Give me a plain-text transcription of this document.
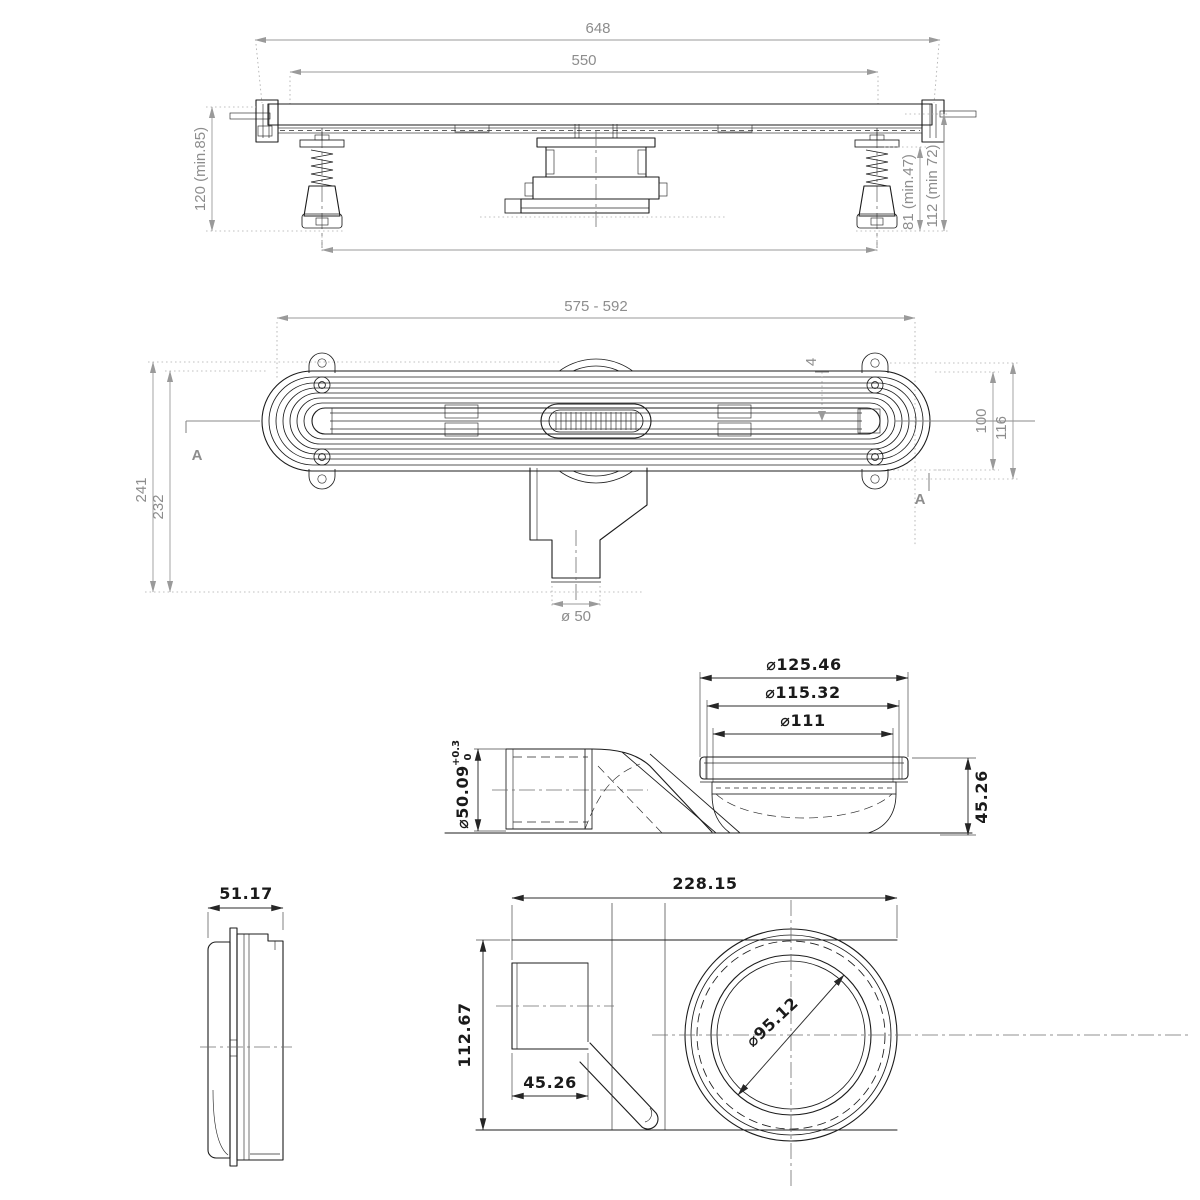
648
550
120 (min.85)	81 (min.47) 112 (min 72)
575 - 592
ø 50
241
232
100 116
4
A
A
⌀125.46
⌀115.32
⌀111
45.26
⌀50.09
+0.3 0
51.17
228.15
112.67
45.26
⌀95.12
